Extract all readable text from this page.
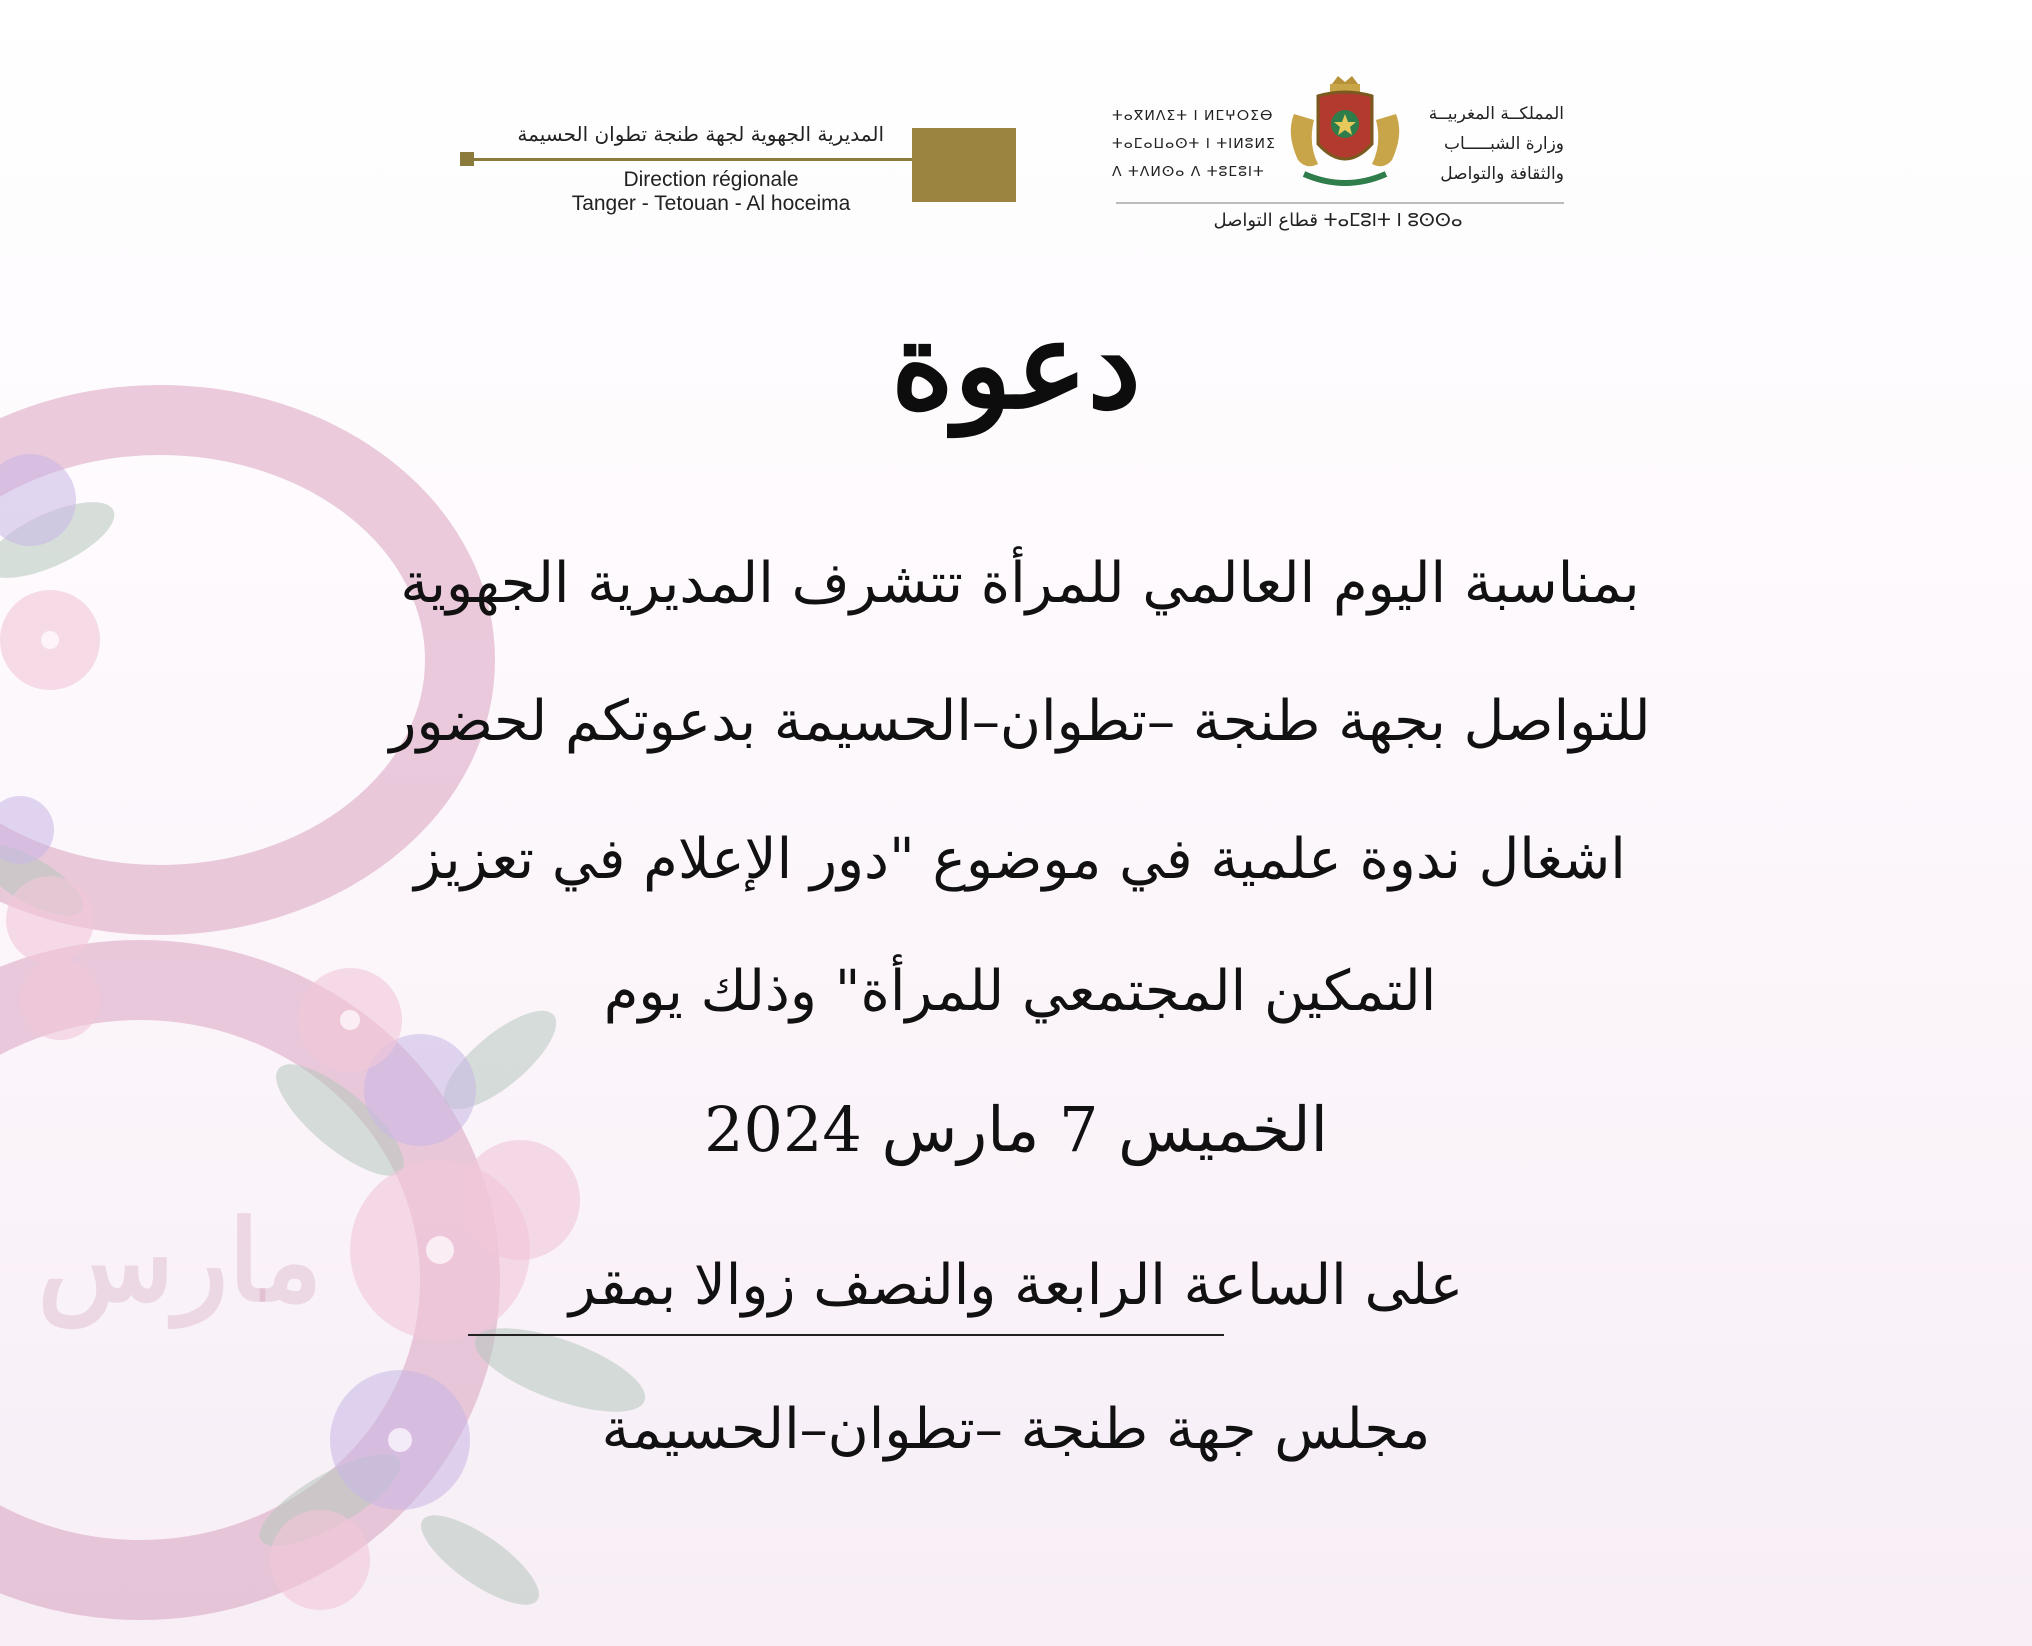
مارس
المديرية الجهوية لجهة طنجة تطوان الحسيمة
Direction régionale
Tanger - Tetouan - Al hoceima
ⵜⴰⴳⵍⴷⵉⵜ ⵏ ⵍⵎⵖⵔⵉⴱ
ⵜⴰⵎⴰⵡⴰⵙⵜ ⵏ ⵜⵏⵍⵓⵍⵉ
ⴷ ⵜⴷⵍⵙⴰ ⴷ ⵜⵓⵎⵓⵏⵜ
المملكــة المغربيــة
وزارة الشبـــــاب
والثقافة والتواصل
قطاع التواصل ⵜⴰⵎⵓⵏⵜ ⵏ ⵓⵙⵙⴰ
دعوة
بمناسبة اليوم العالمي للمرأة تتشرف المديرية الجهوية
للتواصل بجهة طنجة –تطوان–الحسيمة بدعوتكم لحضور
اشغال ندوة علمية في موضوع "دور الإعلام في تعزيز
التمكين المجتمعي للمرأة" وذلك يوم
الخميس 7 مارس 2024
على الساعة الرابعة والنصف زوالا بمقر
مجلس جهة طنجة –تطوان–الحسيمة
